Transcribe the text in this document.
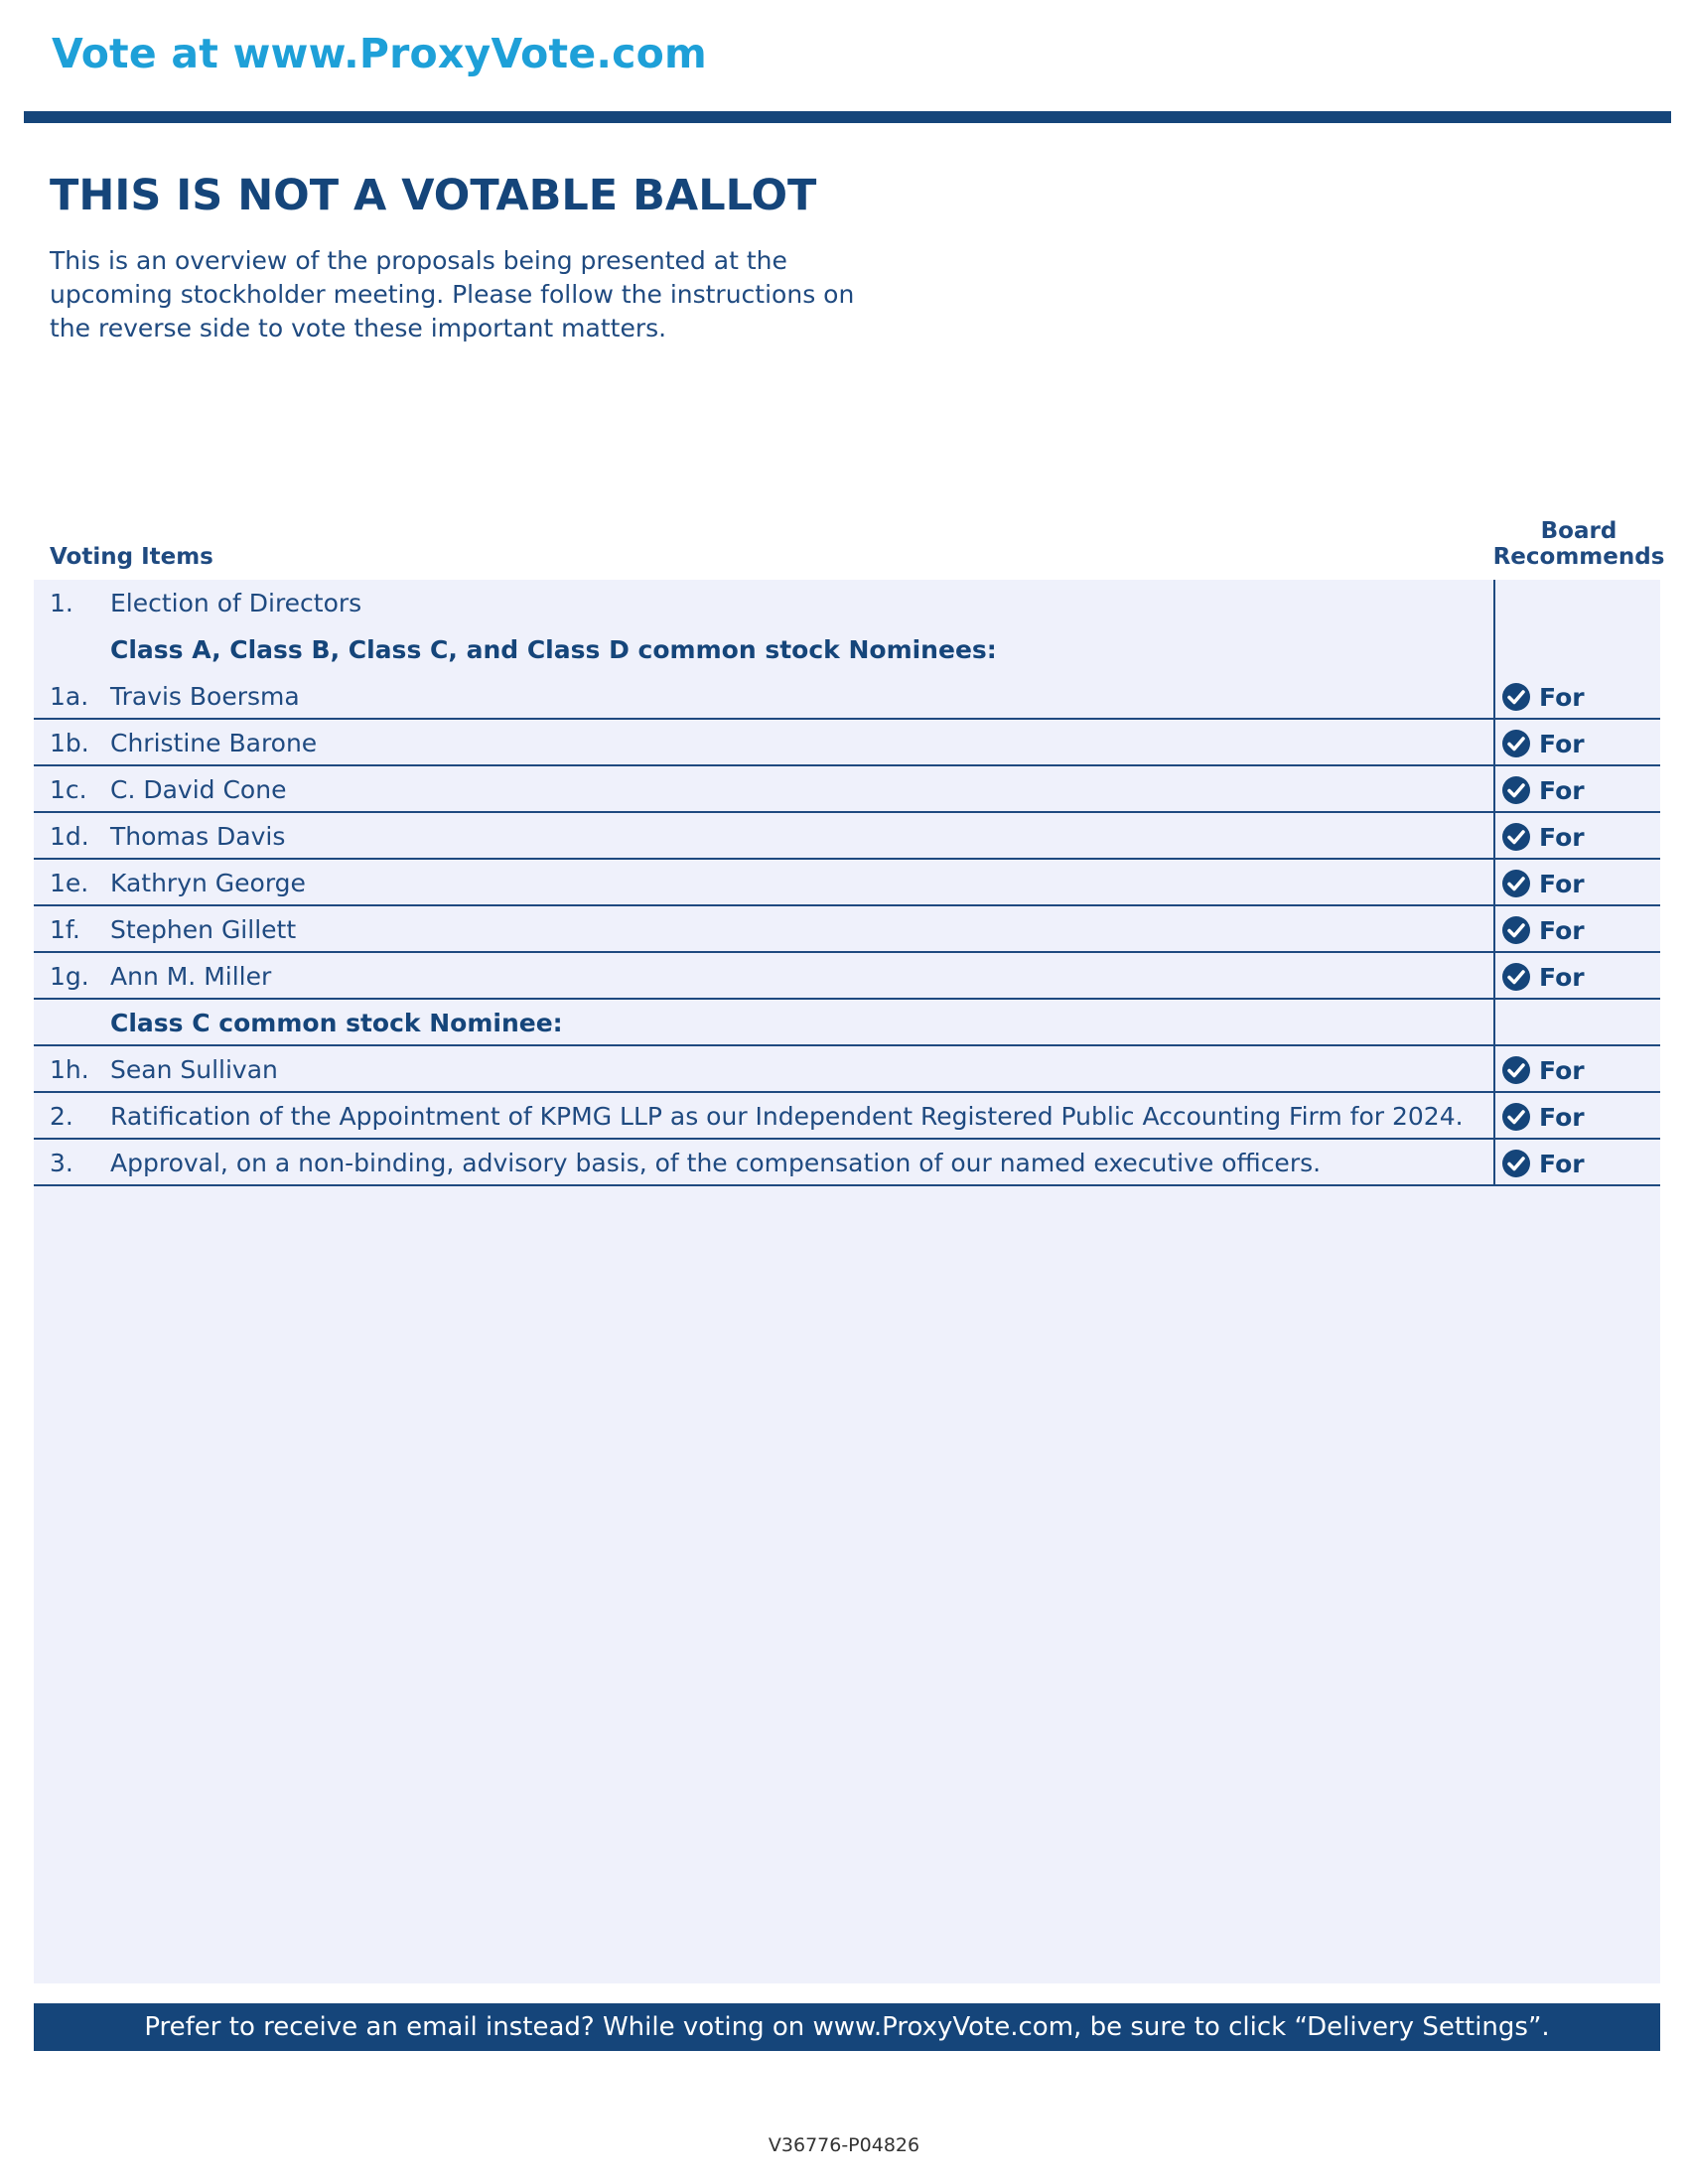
Vote at www.ProxyVote.com
THIS IS NOT A VOTABLE BALLOT
This is an overview of the proposals being presented at the upcoming stockholder meeting. Please follow the instructions on the reverse side to vote these important matters.
Voting Items
Board
Recommends
1. Election of Directors
Class A, Class B, Class C, and Class D common stock Nominees:
1a. Travis Boersma	For
1b. Christine Barone	For
1c. C. David Cone	For
1d. Thomas Davis	For
1e. Kathryn George	For
1f. Stephen Gillett	For
1g. Ann M. Miller	For
Class C common stock Nominee:
1h. Sean Sullivan	For
2. Ratification of the Appointment of KPMG LLP as our Independent Registered Public Accounting Firm for 2024.	For
3. Approval, on a non-binding, advisory basis, of the compensation of our named executive officers.	For
Prefer to receive an email instead? While voting on www.ProxyVote.com, be sure to click “Delivery Settings”.
V36776-P04826
